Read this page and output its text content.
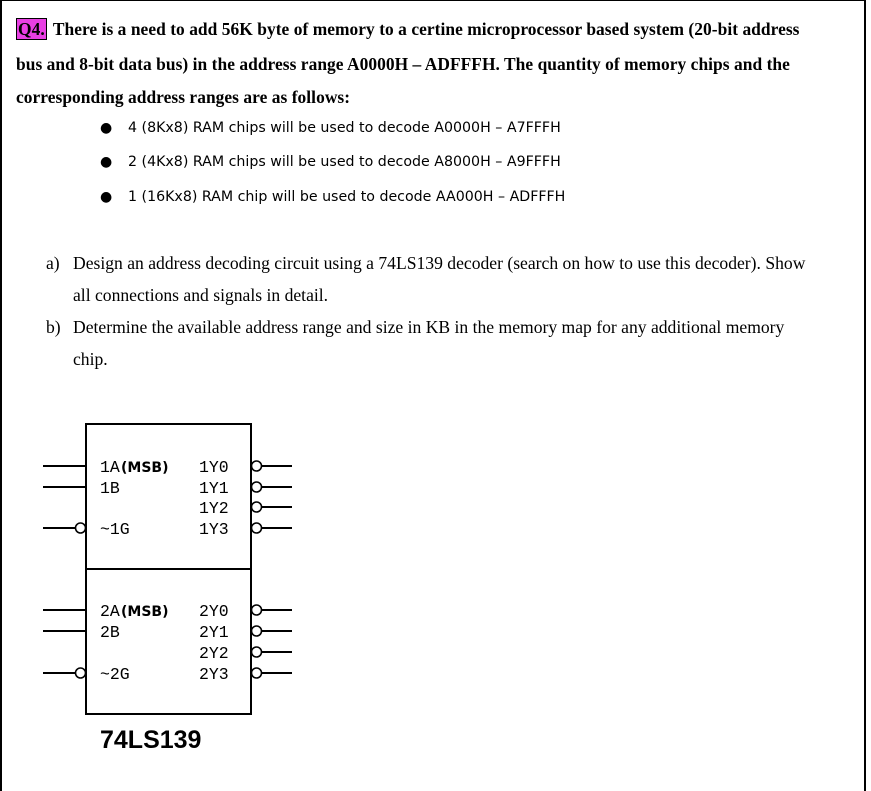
Q4. There is a need to add 56K byte of memory to a certine microprocessor based system (20-bit address
bus and 8-bit data bus) in the address range A0000H – ADFFFH. The quantity of memory chips and the
corresponding address ranges are as follows:
● 4 (8Kx8) RAM chips will be used to decode A0000H – A7FFFH
● 2 (4Kx8) RAM chips will be used to decode A8000H – A9FFFH
● 1 (16Kx8) RAM chip will be used to decode AA000H – ADFFFH
a) Design an address decoding circuit using a 74LS139 decoder (search on how to use this decoder). Show
all connections and signals in detail.
b) Determine the available address range and size in KB in the memory map for any additional memory
chip.
1A (MSB)
1B
~1G
1Y0
1Y1
1Y2
1Y3
2A (MSB)
2B
~2G
2Y0
2Y1
2Y2
2Y3
74LS139
